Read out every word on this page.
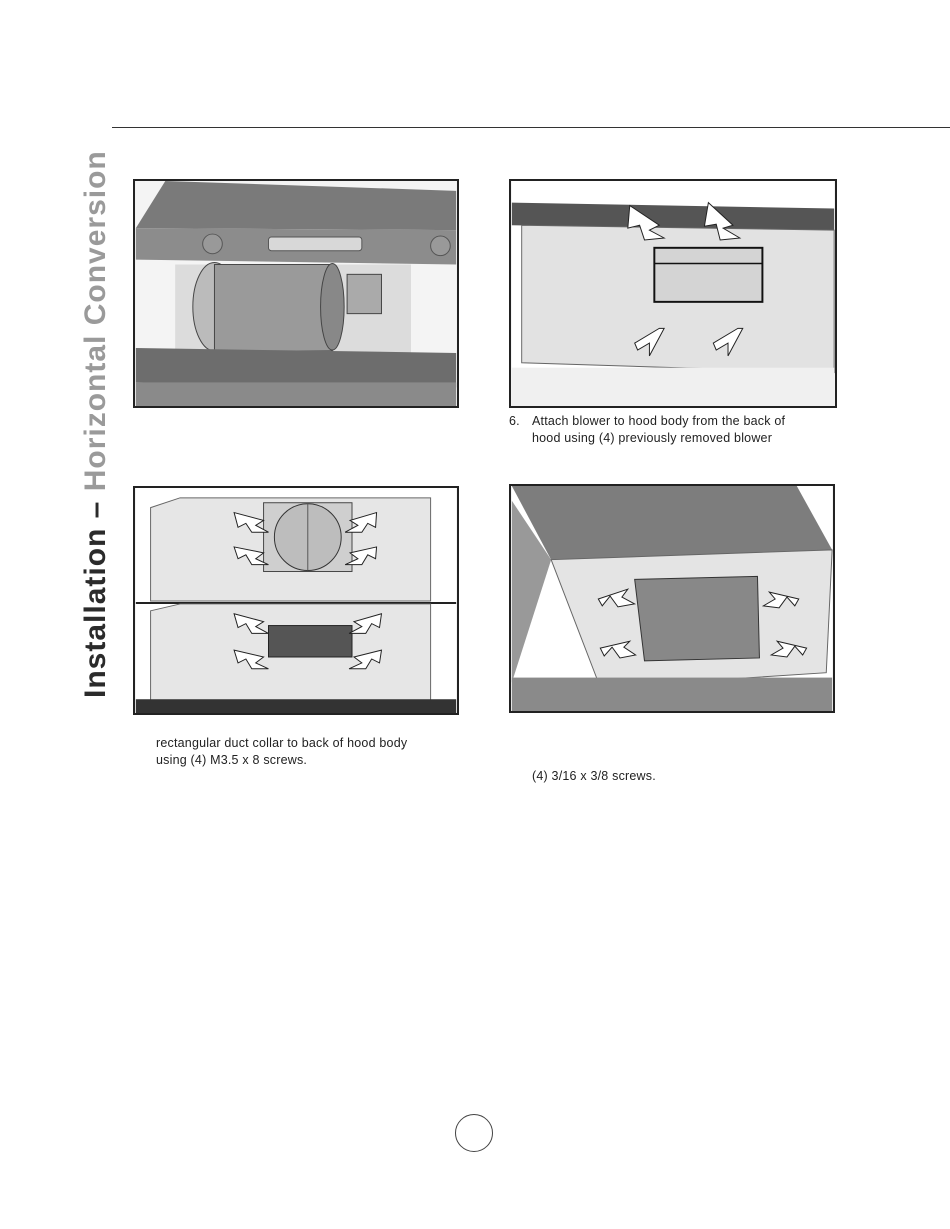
Installation – Horizontal Conversion	6. Attach blower to hood body from the back of
hood using (4) previously removed blower
rectangular duct collar to back of hood body
using (4) M3.5 x 8 screws.
(4) 3/16 x 3/8 screws.
